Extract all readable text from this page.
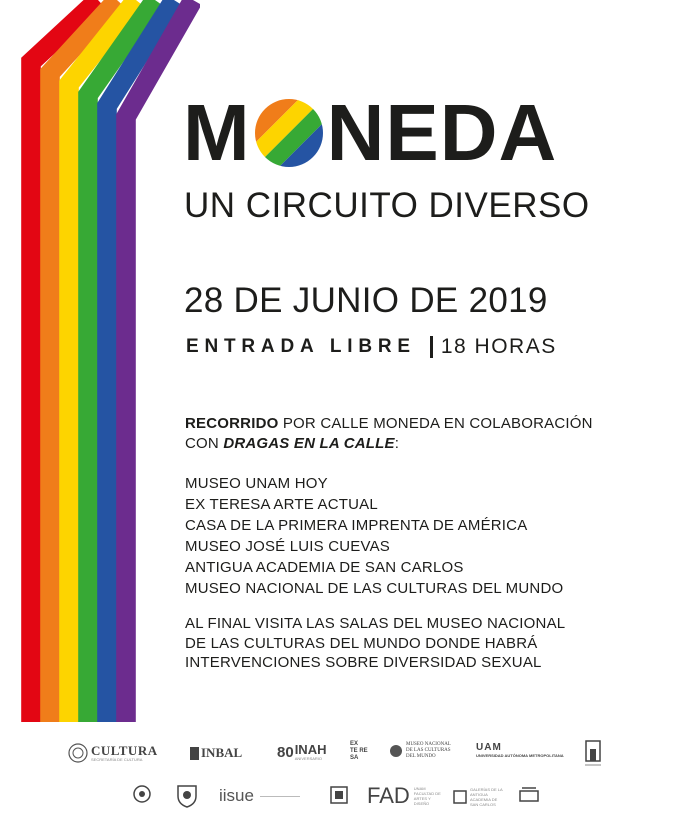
M NEDA
UN CIRCUITO DIVERSO
28 DE JUNIO DE 2019
ENTRADA LIBRE 18 HORAS
RECORRIDO POR CALLE MONEDA EN COLABORACIÓN
CON DRAGAS EN LA CALLE:
MUSEO UNAM HOY
EX TERESA ARTE ACTUAL
CASA DE LA PRIMERA IMPRENTA DE AMÉRICA
MUSEO JOSÉ LUIS CUEVAS
ANTIGUA ACADEMIA DE SAN CARLOS
MUSEO NACIONAL DE LAS CULTURAS DEL MUNDO
AL FINAL VISITA LAS SALAS DEL MUSEO NACIONAL
DE LAS CULTURAS DEL MUNDO DONDE HABRÁ
INTERVENCIONES SOBRE DIVERSIDAD SEXUAL
CULTURA
SECRETARÍA DE CULTURA	INBAL 80 INAH
ANIVERSARIO
EX
TE RE
SA
MUSEO NACIONAL
DE LAS CULTURAS
DEL MUNDO
UAM
UNIVERSIDAD AUTÓNOMA METROPOLITANA
iisue	FAD UNAM FACULTAD DE ARTES Y DISEÑO
GALERÍAS DE LA ANTIGUA ACADEMIA DE SAN CARLOS
